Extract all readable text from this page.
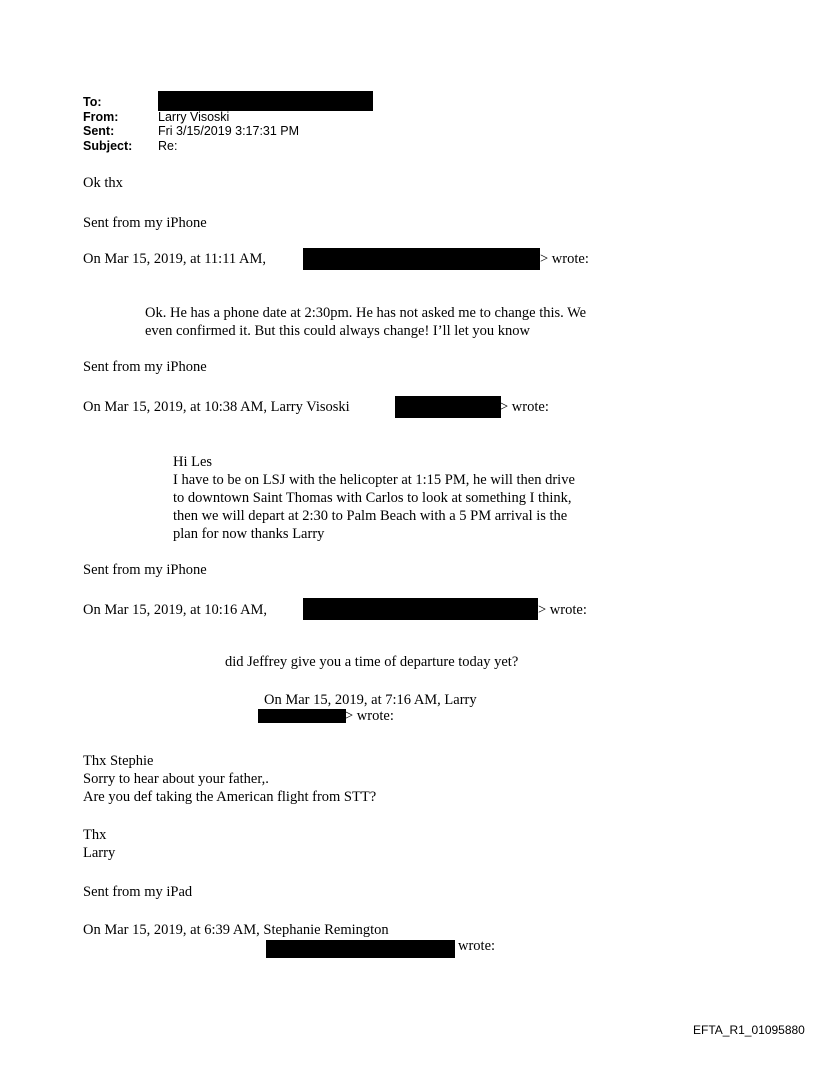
To:
From:	Larry Visoski
Sent:	Fri 3/15/2019 3:17:31 PM
Subject: Re:
Ok thx
Sent from my iPhone
On Mar 15, 2019, at 11:11 AM,	> wrote:
Ok. He has a phone date at 2:30pm. He has not asked me to change this. We
even confirmed it. But this could always change! I’ll let you know
Sent from my iPhone
On Mar 15, 2019, at 10:38 AM, Larry Visoski	> wrote:
Hi Les
I have to be on LSJ with the helicopter at 1:15 PM, he will then drive
to downtown Saint Thomas with Carlos to look at something I think,
then we will depart at 2:30 to Palm Beach with a 5 PM arrival is the
plan for now thanks Larry
Sent from my iPhone
On Mar 15, 2019, at 10:16 AM,	> wrote:
did Jeffrey give you a time of departure today yet?
On Mar 15, 2019, at 7:16 AM, Larry
> wrote:
Thx Stephie
Sorry to hear about your father,.
Are you def taking the American flight from STT?
Thx
Larry
Sent from my iPad
On Mar 15, 2019, at 6:39 AM, Stephanie Remington
wrote:
EFTA_R1_01095880
